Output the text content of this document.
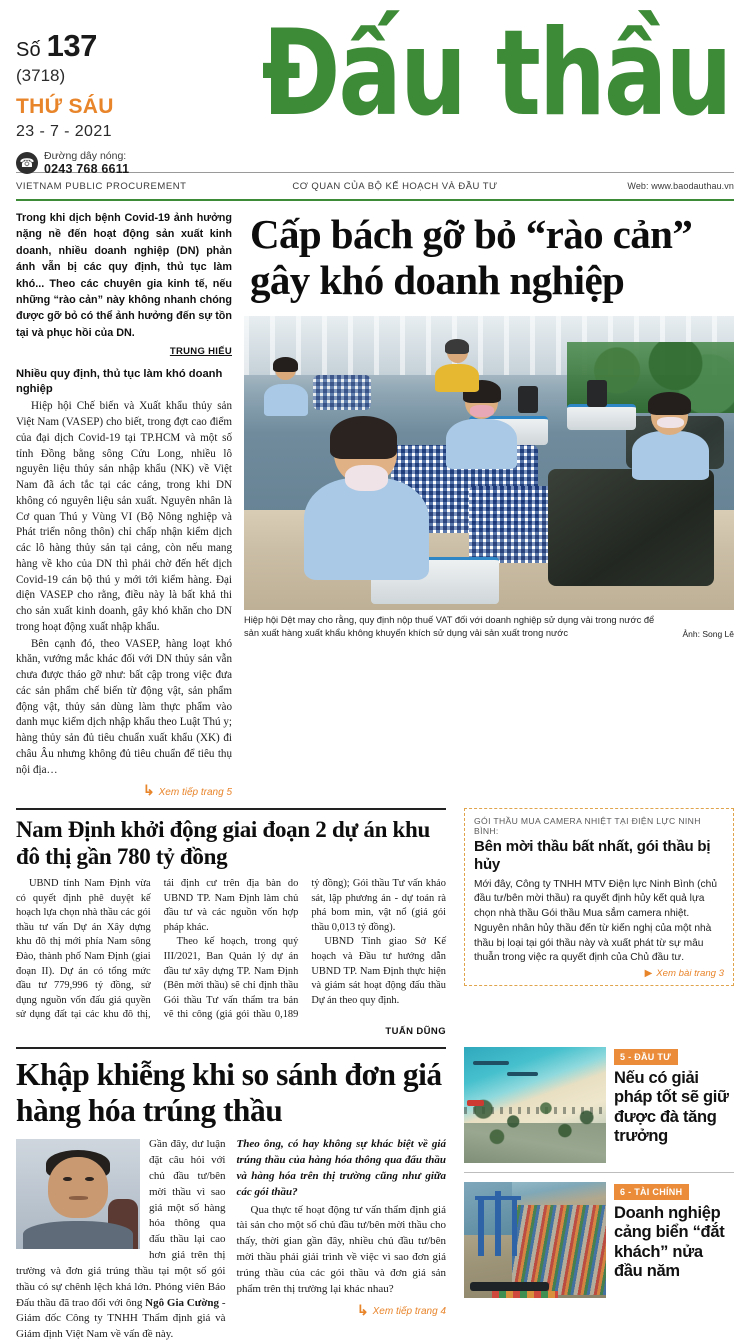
Số 137
(3718)
THỨ SÁU
23 - 7 - 2021
☎
Đường dây nóng:
0243 768 6611
Đấu thầu
VIETNAM PUBLIC PROCUREMENT	CƠ QUAN CỦA BỘ KẾ HOẠCH VÀ ĐẦU TƯ	Web: www.baodauthau.vn
Trong khi dịch bệnh Covid-19 ảnh hưởng nặng nề đến hoạt động sản xuất kinh doanh, nhiều doanh nghiệp (DN) phản ánh vẫn bị các quy định, thủ tục làm khó... Theo các chuyên gia kinh tế, nếu những “rào cản” này không nhanh chóng được gỡ bỏ có thể ảnh hưởng đến sự tồn tại và phục hồi của DN.
TRUNG HIẾU
Nhiều quy định, thủ tục làm khó doanh nghiệp
Hiệp hội Chế biến và Xuất khẩu thủy sản Việt Nam (VASEP) cho biết, trong đợt cao điểm của đại dịch Covid-19 tại TP.HCM và một số tỉnh Đồng bằng sông Cửu Long, nhiều lô nguyên liệu thủy sản nhập khẩu (NK) về Việt Nam đã ách tắc tại các cảng, trong khi DN không có nguyên liệu sản xuất. Nguyên nhân là Cơ quan Thú y Vùng VI (Bộ Nông nghiệp và Phát triển nông thôn) chỉ chấp nhận kiểm dịch các lô hàng thủy sản tại cảng, còn nếu mang hàng về kho của DN thì phải chờ đến hết dịch Covid-19 cán bộ thú y mới tới kiểm hàng. Đại diện VASEP cho rằng, điều này là bất khả thi cho sản xuất kinh doanh, gây khó khăn cho DN trong hoạt động xuất nhập khẩu.
Bên cạnh đó, theo VASEP, hàng loạt khó khăn, vướng mắc khác đối với DN thủy sản vẫn chưa được tháo gỡ như: bất cập trong việc đưa các sản phẩm chế biến từ động vật, sản phẩm động vật, thủy sản dùng làm thực phẩm vào danh mục kiểm dịch nhập khẩu theo Luật Thú y; hàng thủy sản đủ tiêu chuẩn xuất khẩu (XK) đi châu Âu nhưng không đủ tiêu chuẩn để tiêu thụ nội địa…
↳ Xem tiếp trang 5
Cấp bách gỡ bỏ “rào cản” gây khó doanh nghiệp
Hiệp hội Dệt may cho rằng, quy định nộp thuế VAT đối với doanh nghiệp sử dụng vải trong nước để sản xuất hàng xuất khẩu không khuyến khích sử dụng vải sản xuất trong nước	Ảnh: Song Lê
Nam Định khởi động giai đoạn 2 dự án khu đô thị gần 780 tỷ đồng

UBND tỉnh Nam Định vừa có quyết định phê duyệt kế hoạch lựa chọn nhà thầu các gói thầu tư vấn Dự án Xây dựng khu đô thị mới phía Nam sông Đào, thành phố Nam Định (giai đoạn II). Dự án có tổng mức đầu tư 779,996 tỷ đồng, sử dụng nguồn vốn đấu giá quyền sử dụng đất tại các khu đô thị, tái định cư trên địa bàn do UBND TP. Nam Định làm chủ đầu tư và các nguồn vốn hợp pháp khác.

Theo kế hoạch, trong quý III/2021, Ban Quản lý dự án đầu tư xây dựng TP. Nam Định (Bên mời thầu) sẽ chỉ định thầu Gói thầu Tư vấn thẩm tra bản vẽ thi công (giá gói thầu 0,189 tỷ đồng); Gói thầu Tư vấn khảo sát, lập phương án - dự toán rà phá bom mìn, vật nổ (giá gói thầu 0,013 tỷ đồng).

UBND Tỉnh giao Sở Kế hoạch và Đầu tư hướng dẫn UBND TP. Nam Định thực hiện và giám sát hoạt động đấu thầu Dự án theo quy định.

TUẤN DŨNG
GÓI THẦU MUA CAMERA NHIỆT TẠI ĐIỆN LỰC NINH BÌNH:
Bên mời thầu bất nhất, gói thầu bị hủy
Mới đây, Công ty TNHH MTV Điện lực Ninh Bình (chủ đầu tư/bên mời thầu) ra quyết định hủy kết quả lựa chọn nhà thầu Gói thầu Mua sắm camera nhiệt. Nguyên nhân hủy thầu đến từ kiến nghị của một nhà thầu bị loại tại gói thầu này và xuất phát từ sự mâu thuẫn trong việc ra quyết định của Chủ đầu tư.
▶ Xem bài trang 3
Khập khiễng khi so sánh đơn giá hàng hóa trúng thầu

Gần đây, dư luận đặt câu hỏi với chủ đầu tư/bên mời thầu vì sao giá một số hàng hóa thông qua đấu thầu lại cao hơn giá trên thị trường và đơn giá trúng thầu tại một số gói thầu có sự chênh lệch khá lớn. Phóng viên Báo Đấu thầu đã trao đổi với ông Ngô Gia Cường - Giám đốc Công ty TNHH Thẩm định giá và Giám định Việt Nam về vấn đề này.

Theo ông, có hay không sự khác biệt về giá trúng thầu của hàng hóa thông qua đấu thầu và hàng hóa trên thị trường cũng như giữa các gói thầu?

Qua thực tế hoạt động tư vấn thẩm định giá tài sản cho một số chủ đầu tư/bên mời thầu cho thấy, thời gian gần đây, nhiều chủ đầu tư/bên mời thầu phải giải trình về việc vì sao đơn giá trúng thầu của các gói thầu và đơn giá sản phẩm trên thị trường lại khác nhau?

↳ Xem tiếp trang 4
5 - ĐẦU TƯ
Nếu có giải pháp tốt sẽ giữ được đà tăng trưởng
6 - TÀI CHÍNH
Doanh nghiệp cảng biển “đắt khách” nửa đầu năm
